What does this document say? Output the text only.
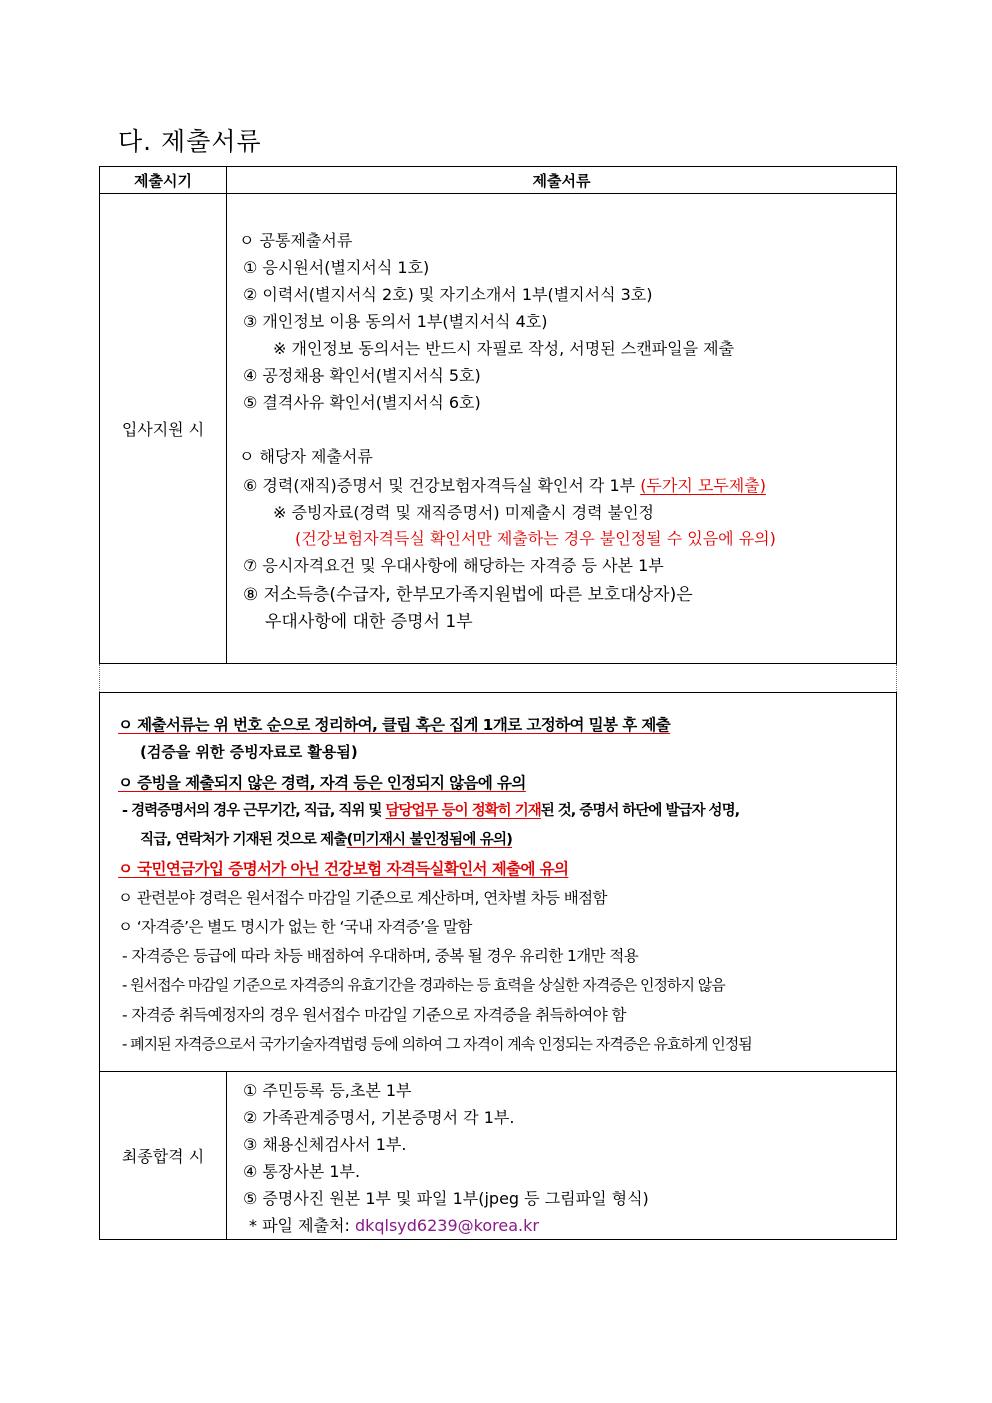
다. 제출서류
제출시기	제출서류
입사지원 시
ㅇ 공통제출서류
① 응시원서(별지서식 1호)
② 이력서(별지서식 2호) 및 자기소개서 1부(별지서식 3호)
③ 개인정보 이용 동의서 1부(별지서식 4호)
※ 개인정보 동의서는 반드시 자필로 작성, 서명된 스캔파일을 제출
④ 공정채용 확인서(별지서식 5호)
⑤ 결격사유 확인서(별지서식 6호)
ㅇ 해당자 제출서류
⑥ 경력(재직)증명서 및 건강보험자격득실 확인서 각 1부 (두가지 모두제출)
※ 증빙자료(경력 및 재직증명서) 미제출시 경력 불인정
(건강보험자격득실 확인서만 제출하는 경우 불인정될 수 있음에 유의)
⑦ 응시자격요건 및 우대사항에 해당하는 자격증 등 사본 1부
⑧ 저소득층(수급자, 한부모가족지원법에 따른 보호대상자)은
우대사항에 대한 증명서 1부
ㅇ 제출서류는 위 번호 순으로 정리하여, 클립 혹은 집게 1개로 고정하여 밀봉 후 제출
(검증을 위한 증빙자료로 활용됨)
ㅇ 증빙을 제출되지 않은 경력, 자격 등은 인정되지 않음에 유의
- 경력증명서의 경우 근무기간, 직급, 직위 및 담당업무 등이 정확히 기재된 것, 증명서 하단에 발급자 성명,
직급, 연락처가 기재된 것으로 제출(미기재시 불인정됨에 유의)
ㅇ 국민연금가입 증명서가 아닌 건강보험 자격득실확인서 제출에 유의
ㅇ 관련분야 경력은 원서접수 마감일 기준으로 계산하며, 연차별 차등 배점함
ㅇ ‘자격증’은 별도 명시가 없는 한 ‘국내 자격증’을 말함
- 자격증은 등급에 따라 차등 배점하여 우대하며, 중복 될 경우 유리한 1개만 적용
- 원서접수 마감일 기준으로 자격증의 유효기간을 경과하는 등 효력을 상실한 자격증은 인정하지 않음
- 자격증 취득예정자의 경우 원서접수 마감일 기준으로 자격증을 취득하여야 함
- 폐지된 자격증으로서 국가기술자격법령 등에 의하여 그 자격이 계속 인정되는 자격증은 유효하게 인정됨
최종합격 시
① 주민등록 등,초본 1부
② 가족관계증명서, 기본증명서 각 1부.
③ 채용신체검사서 1부.
④ 통장사본 1부.
⑤ 증명사진 원본 1부 및 파일 1부(jpeg 등 그림파일 형식)
* 파일 제출처: dkqlsyd6239@korea.kr
